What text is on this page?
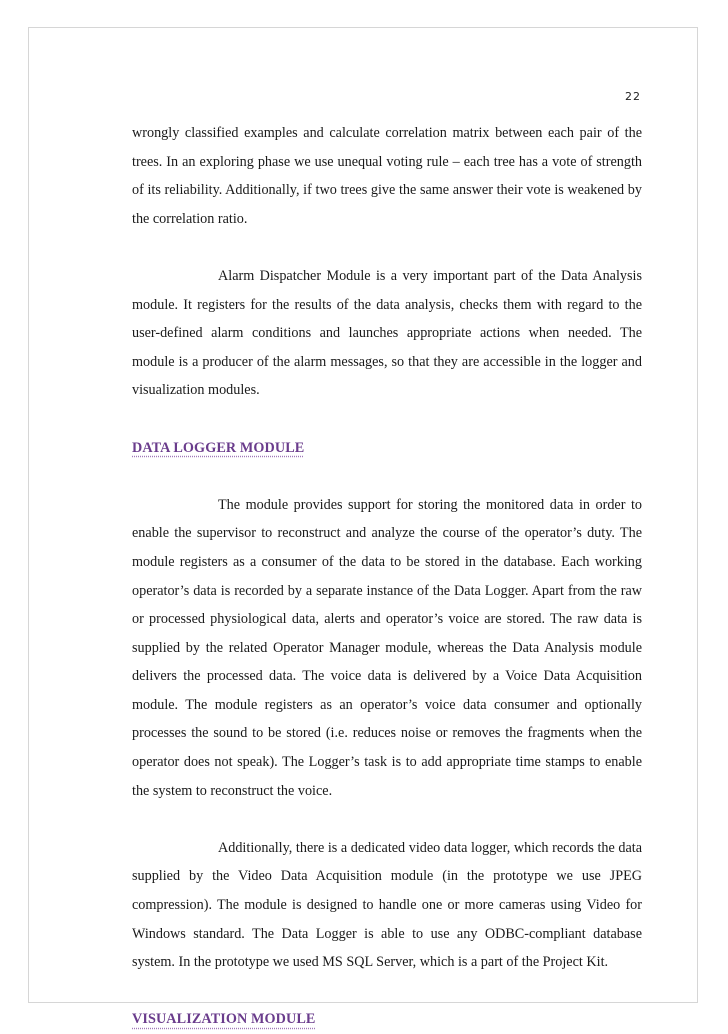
22

wrongly classified examples and calculate correlation matrix between each pair of the trees. In an exploring phase we use unequal voting rule – each tree has a vote of strength of its reliability. Additionally, if two trees give the same answer their vote is weakened by the correlation ratio.

Alarm Dispatcher Module is a very important part of the Data Analysis module. It registers for the results of the data analysis, checks them with regard to the user-defined alarm conditions and launches appropriate actions when needed. The module is a producer of the alarm messages, so that they are accessible in the logger and visualization modules.

DATA LOGGER MODULE

The module provides support for storing the monitored data in order to enable the supervisor to reconstruct and analyze the course of the operator’s duty. The module registers as a consumer of the data to be stored in the database. Each working operator’s data is recorded by a separate instance of the Data Logger. Apart from the raw or processed physiological data, alerts and operator’s voice are stored. The raw data is supplied by the related Operator Manager module, whereas the Data Analysis module delivers the processed data. The voice data is delivered by a Voice Data Acquisition module. The module registers as an operator’s voice data consumer and optionally processes the sound to be stored (i.e. reduces noise or removes the fragments when the operator does not speak). The Logger’s task is to add appropriate time stamps to enable the system to reconstruct the voice.

Additionally, there is a dedicated video data logger, which records the data supplied by the Video Data Acquisition module (in the prototype we use JPEG compression). The module is designed to handle one or more cameras using Video for Windows standard. The Data Logger is able to use any ODBC-compliant database system. In the prototype we used MS SQL Server, which is a part of the Project Kit.

VISUALIZATION MODULE
